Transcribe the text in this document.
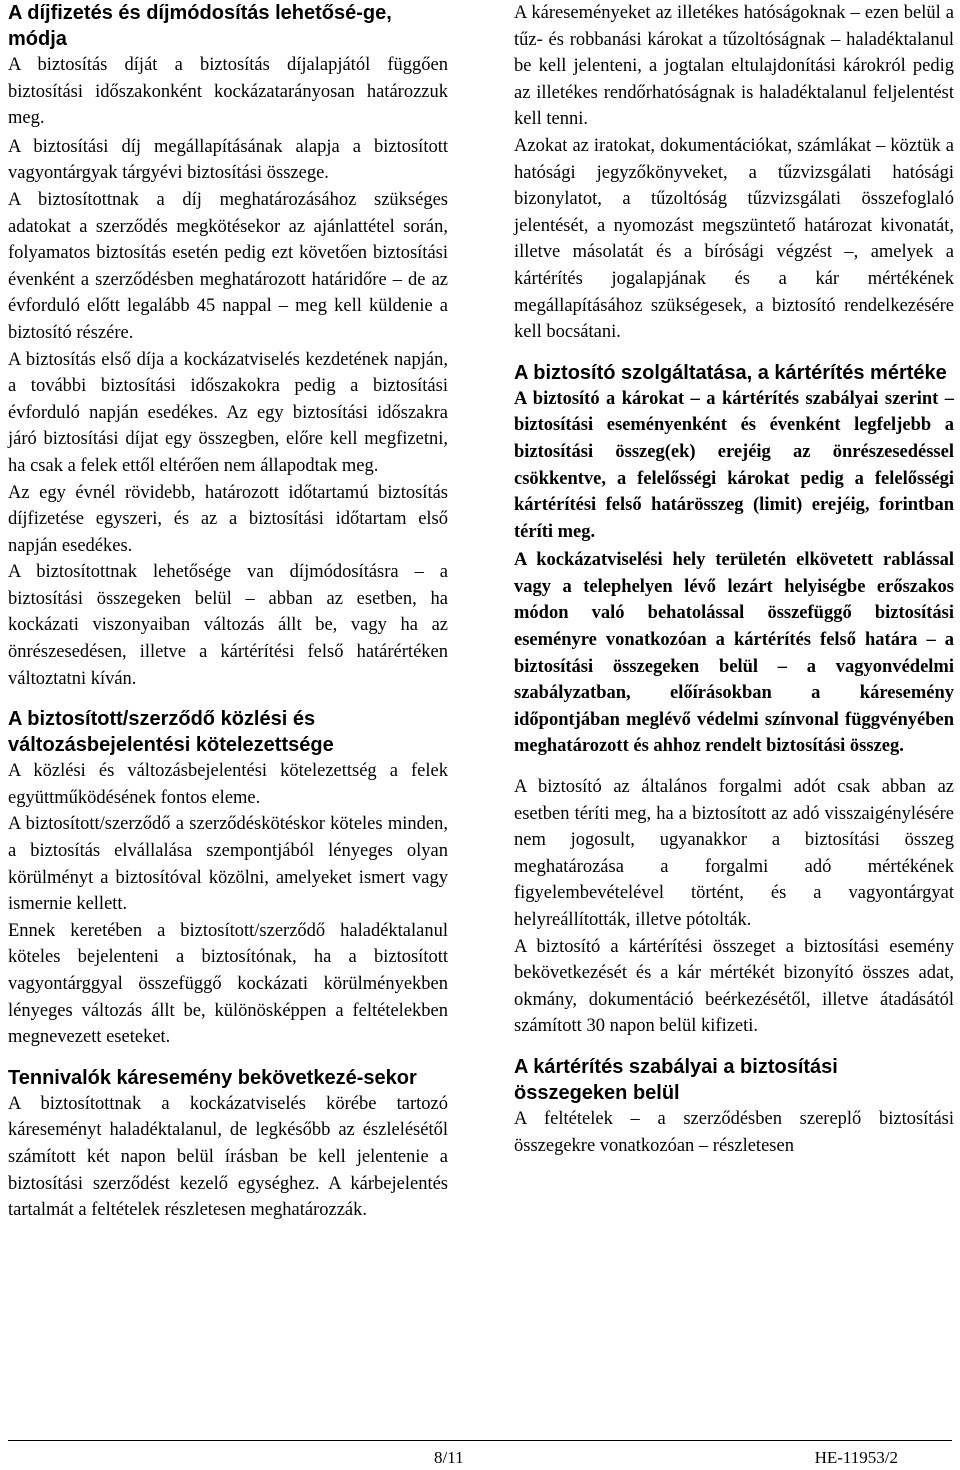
A díjfizetés és díjmódosítás lehetősé-ge, módja

A biztosítás díját a biztosítás díjalapjától függően biztosítási időszakonként kockázatarányosan határozzuk meg.

A biztosítási díj megállapításának alapja a biztosított vagyontárgyak tárgyévi biztosítási összege.

A biztosítottnak a díj meghatározásához szükséges adatokat a szerződés megkötésekor az ajánlattétel során, folyamatos biztosítás esetén pedig ezt követően biztosítási évenként a szerződésben meghatározott határidőre – de az évforduló előtt legalább 45 nappal – meg kell küldenie a biztosító részére.

A biztosítás első díja a kockázatviselés kezdetének napján, a további biztosítási időszakokra pedig a biztosítási évforduló napján esedékes. Az egy biztosítási időszakra járó biztosítási díjat egy összegben, előre kell megfizetni, ha csak a felek ettől eltérően nem állapodtak meg.

Az egy évnél rövidebb, határozott időtartamú biztosítás díjfizetése egyszeri, és az a biztosítási időtartam első napján esedékes.

A biztosítottnak lehetősége van díjmódosításra – a biztosítási összegeken belül – abban az esetben, ha kockázati viszonyaiban változás állt be, vagy ha az önrészesedésen, illetve a kártérítési felső határértéken változtatni kíván.

A biztosított/szerződő közlési és változásbejelentési kötelezettsége

A közlési és változásbejelentési kötelezettség a felek együttműködésének fontos eleme.

A biztosított/szerződő a szerződéskötéskor köteles minden, a biztosítás elvállalása szempontjából lényeges olyan körülményt a biztosítóval közölni, amelyeket ismert vagy ismernie kellett.

Ennek keretében a biztosított/szerződő haladéktalanul köteles bejelenteni a biztosítónak, ha a biztosított vagyontárggyal összefüggő kockázati körülményekben lényeges változás állt be, különösképpen a feltételekben megnevezett eseteket.

Tennivalók káresemény bekövetkezé-sekor

A biztosítottnak a kockázatviselés körébe tartozó káreseményt haladéktalanul, de legkésőbb az észlelésétől számított két napon belül írásban be kell jelentenie a biztosítási szerződést kezelő egységhez. A kárbejelentés tartalmát a feltételek részletesen meghatározzák.

A káreseményeket az illetékes hatóságoknak – ezen belül a tűz- és robbanási károkat a tűzoltóságnak – haladéktalanul be kell jelenteni, a jogtalan eltulajdonítási károkról pedig az illetékes rendőrhatóságnak is haladéktalanul feljelentést kell tenni.

Azokat az iratokat, dokumentációkat, számlákat – köztük a hatósági jegyzőkönyveket, a tűzvizsgálati hatósági bizonylatot, a tűzoltóság tűzvizsgálati összefoglaló jelentését, a nyomozást megszüntető határozat kivonatát, illetve másolatát és a bírósági végzést –, amelyek a kártérítés jogalapjának és a kár mértékének megállapításához szükségesek, a biztosító rendelkezésére kell bocsátani.

A biztosító szolgáltatása, a kártérítés mértéke

A biztosító a károkat – a kártérítés szabályai szerint – biztosítási eseményenként és évenként legfeljebb a biztosítási összeg(ek) erejéig az önrészesedéssel csökkentve, a felelősségi károkat pedig a felelősségi kártérítési felső határösszeg (limit) erejéig, forintban téríti meg.

A kockázatviselési hely területén elkövetett rablással vagy a telephelyen lévő lezárt helyiségbe erőszakos módon való behatolással összefüggő biztosítási eseményre vonatkozóan a kártérítés felső határa – a biztosítási összegeken belül – a vagyonvédelmi szabályzatban, előírásokban a káresemény időpontjában meglévő védelmi színvonal függvényében meghatározott és ahhoz rendelt biztosítási összeg.

A biztosító az általános forgalmi adót csak abban az esetben téríti meg, ha a biztosított az adó visszaigénylésére nem jogosult, ugyanakkor a biztosítási összeg meghatározása a forgalmi adó mértékének figyelembevételével történt, és a vagyontárgyat helyreállították, illetve pótolták.

A biztosító a kártérítési összeget a biztosítási esemény bekövetkezését és a kár mértékét bizonyító összes adat, okmány, dokumentáció beérkezésétől, illetve átadásától számított 30 napon belül kifizeti.

A kártérítés szabályai a biztosítási összegeken belül

A feltételek – a szerződésben szereplő biztosítási összegekre vonatkozóan – részletesen

8/11	HE-11953/2
